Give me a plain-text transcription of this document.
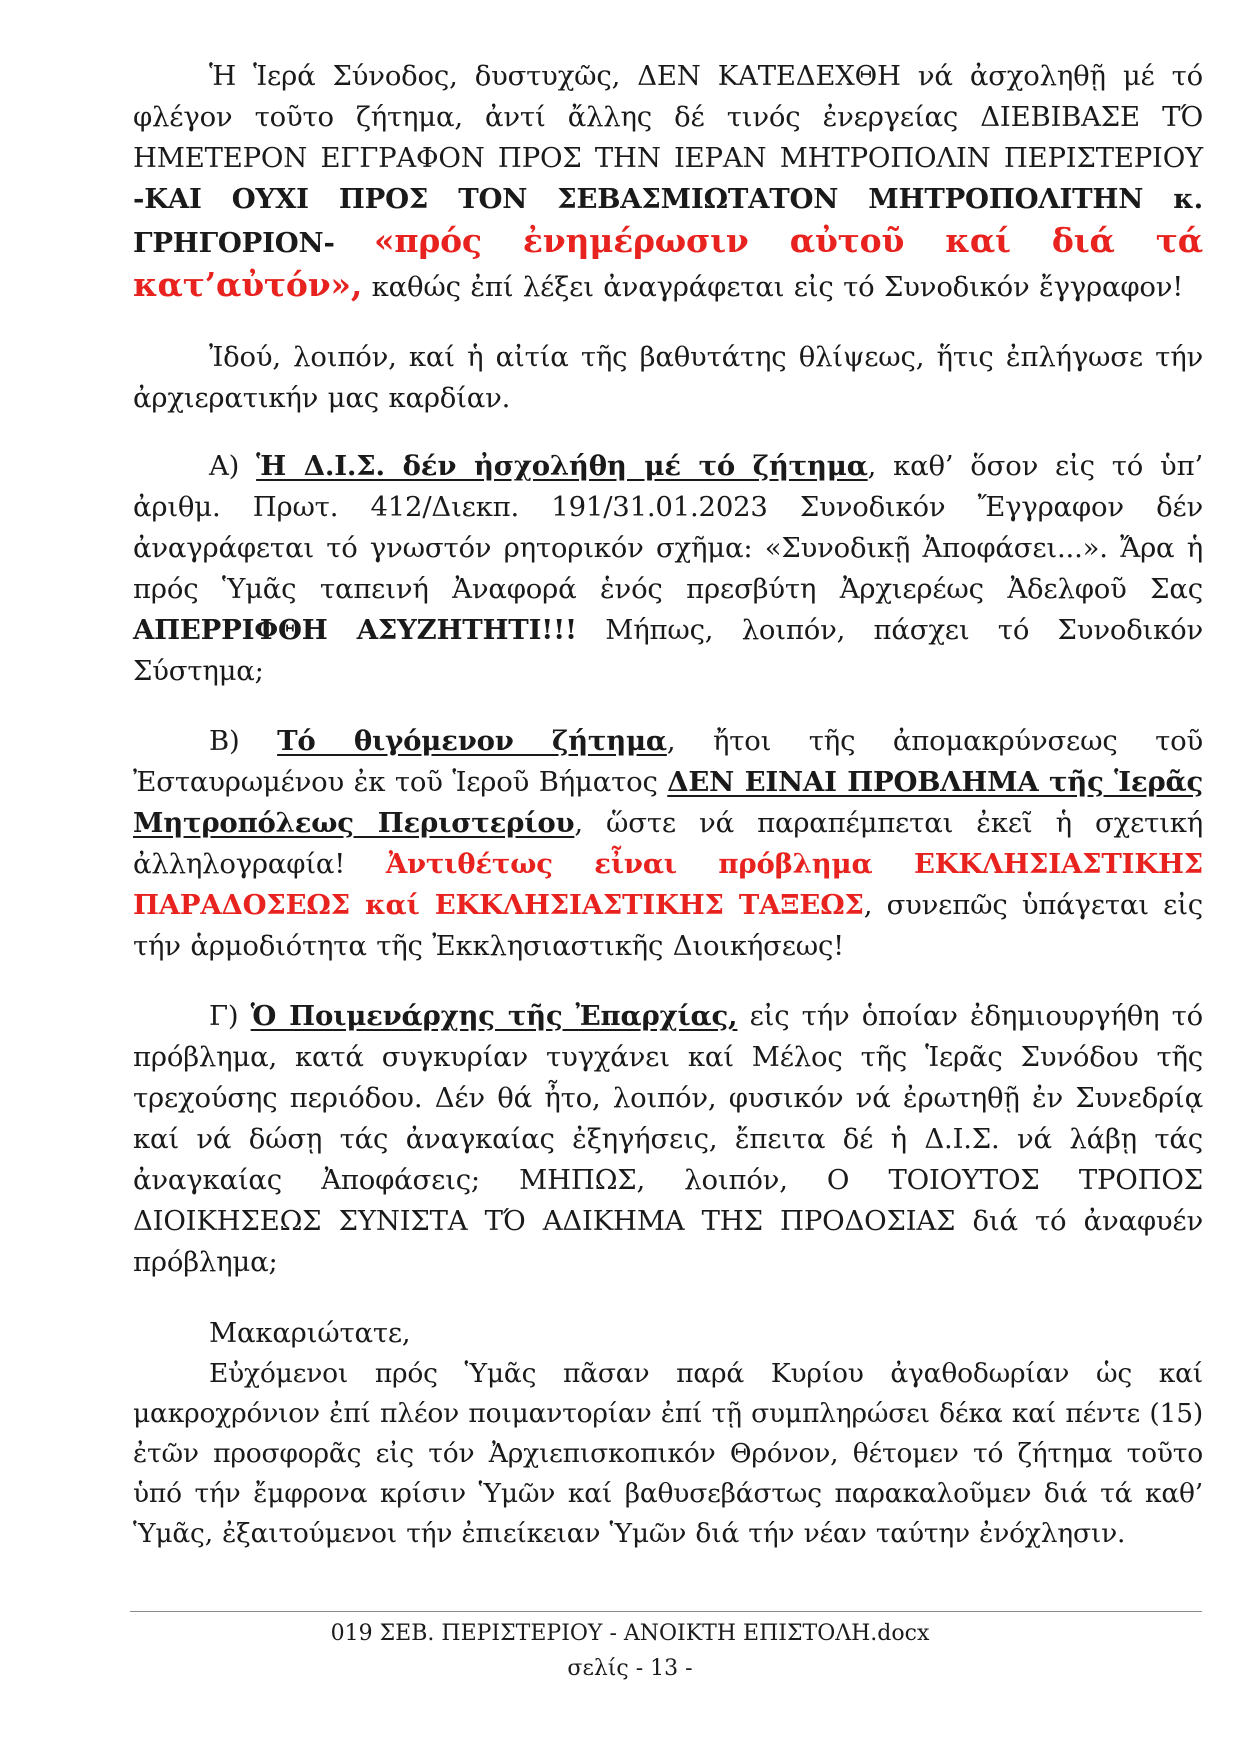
Ἡ Ἱερά Σύνοδος, δυστυχῶς, ΔΕΝ ΚΑΤΕΔΕΧΘΗ νά ἀσχοληθῇ μέ τό φλέγον τοῦτο ζήτημα, ἀντί ἄλλης δέ τινός ἐνεργείας ΔΙΕΒΙΒΑΣΕ ΤΌ ΗΜΕΤΕΡΟΝ ΕΓΓΡΑΦΟΝ ΠΡΟΣ ΤΗΝ ΙΕΡΑΝ ΜΗΤΡΟΠΟΛΙΝ ΠΕΡΙΣΤΕΡΙΟΥ -ΚΑΙ ΟΥΧΙ ΠΡΟΣ ΤΟΝ ΣΕΒΑΣΜΙΩΤΑΤΟΝ ΜΗΤΡΟΠΟΛΙΤΗΝ κ. ΓΡΗΓΟΡΙΟΝ- «πρός ἐνημέρωσιν αὐτοῦ καί διά τά κατ’αὐτόν», καθώς ἐπί λέξει ἀναγράφεται εἰς τό Συνοδικόν ἔγγραφον!

Ἰδού, λοιπόν, καί ἡ αἰτία τῆς βαθυτάτης θλίψεως, ἥτις ἐπλήγωσε τήν ἀρχιερατικήν μας καρδίαν.

Α) Ἡ Δ.Ι.Σ. δέν ἠσχολήθη μέ τό ζήτημα, καθ’ ὅσον εἰς τό ὑπ’ ἀριθμ. Πρωτ. 412/Διεκπ. 191/31.01.2023 Συνοδικόν Ἔγγραφον δέν ἀναγράφεται τό γνωστόν ρητορικόν σχῆμα: «Συνοδικῇ Ἀποφάσει...». Ἄρα ἡ πρός Ὑμᾶς ταπεινή Ἀναφορά ἑνός πρεσβύτη Ἀρχιερέως Ἀδελφοῦ Σας ΑΠΕΡΡΙΦΘΗ ΑΣΥΖΗΤΗΤΙ!!! Μήπως, λοιπόν, πάσχει τό Συνοδικόν Σύστημα;

Β) Τό θιγόμενον ζήτημα, ἤτοι τῆς ἀπομακρύνσεως τοῦ Ἐσταυρωμένου ἐκ τοῦ Ἱεροῦ Βήματος ΔΕΝ ΕΙΝΑΙ ΠΡΟΒΛΗΜΑ τῆς Ἱερᾶς Μητροπόλεως Περιστερίου, ὥστε νά παραπέμπεται ἐκεῖ ἡ σχετική ἀλληλογραφία! Ἀντιθέτως εἶναι πρόβλημα ΕΚΚΛΗΣΙΑΣΤΙΚΗΣ ΠΑΡΑΔΟΣΕΩΣ καί ΕΚΚΛΗΣΙΑΣΤΙΚΗΣ ΤΑΞΕΩΣ, συνεπῶς ὑπάγεται εἰς τήν ἁρμοδιότητα τῆς Ἐκκλησιαστικῆς Διοικήσεως!

Γ) Ὁ Ποιμενάρχης τῆς Ἐπαρχίας, εἰς τήν ὁποίαν ἐδημιουργήθη τό πρόβλημα, κατά συγκυρίαν τυγχάνει καί Μέλος τῆς Ἱερᾶς Συνόδου τῆς τρεχούσης περιόδου. Δέν θά ἦτο, λοιπόν, φυσικόν νά ἐρωτηθῇ ἐν Συνεδρίᾳ καί νά δώσῃ τάς ἀναγκαίας ἐξηγήσεις, ἔπειτα δέ ἡ Δ.Ι.Σ. νά λάβῃ τάς ἀναγκαίας Ἀποφάσεις; ΜΗΠΩΣ, λοιπόν, Ο ΤΟΙΟΥΤΟΣ ΤΡΟΠΟΣ ΔΙΟΙΚΗΣΕΩΣ ΣΥΝΙΣΤΑ ΤΌ ΑΔΙΚΗΜΑ ΤΗΣ ΠΡΟΔΟΣΙΑΣ διά τό ἀναφυέν πρόβλημα;

Μακαριώτατε,

Εὐχόμενοι πρός Ὑμᾶς πᾶσαν παρά Κυρίου ἀγαθοδωρίαν ὡς καί μακροχρόνιον ἐπί πλέον ποιμαντορίαν ἐπί τῇ συμπληρώσει δέκα καί πέντε (15) ἐτῶν προσφορᾶς εἰς τόν Ἀρχιεπισκοπικόν Θρόνον, θέτομεν τό ζήτημα τοῦτο ὑπό τήν ἔμφρονα κρίσιν Ὑμῶν καί βαθυσεβάστως παρακαλοῦμεν διά τά καθ’ Ὑμᾶς, ἐξαιτούμενοι τήν ἐπιείκειαν Ὑμῶν διά τήν νέαν ταύτην ἐνόχλησιν.

019 ΣΕΒ. ΠΕΡΙΣΤΕΡΙΟΥ - ΑΝΟΙΚΤΗ ΕΠΙΣΤΟΛΗ.docx
σελίς - 13 -
